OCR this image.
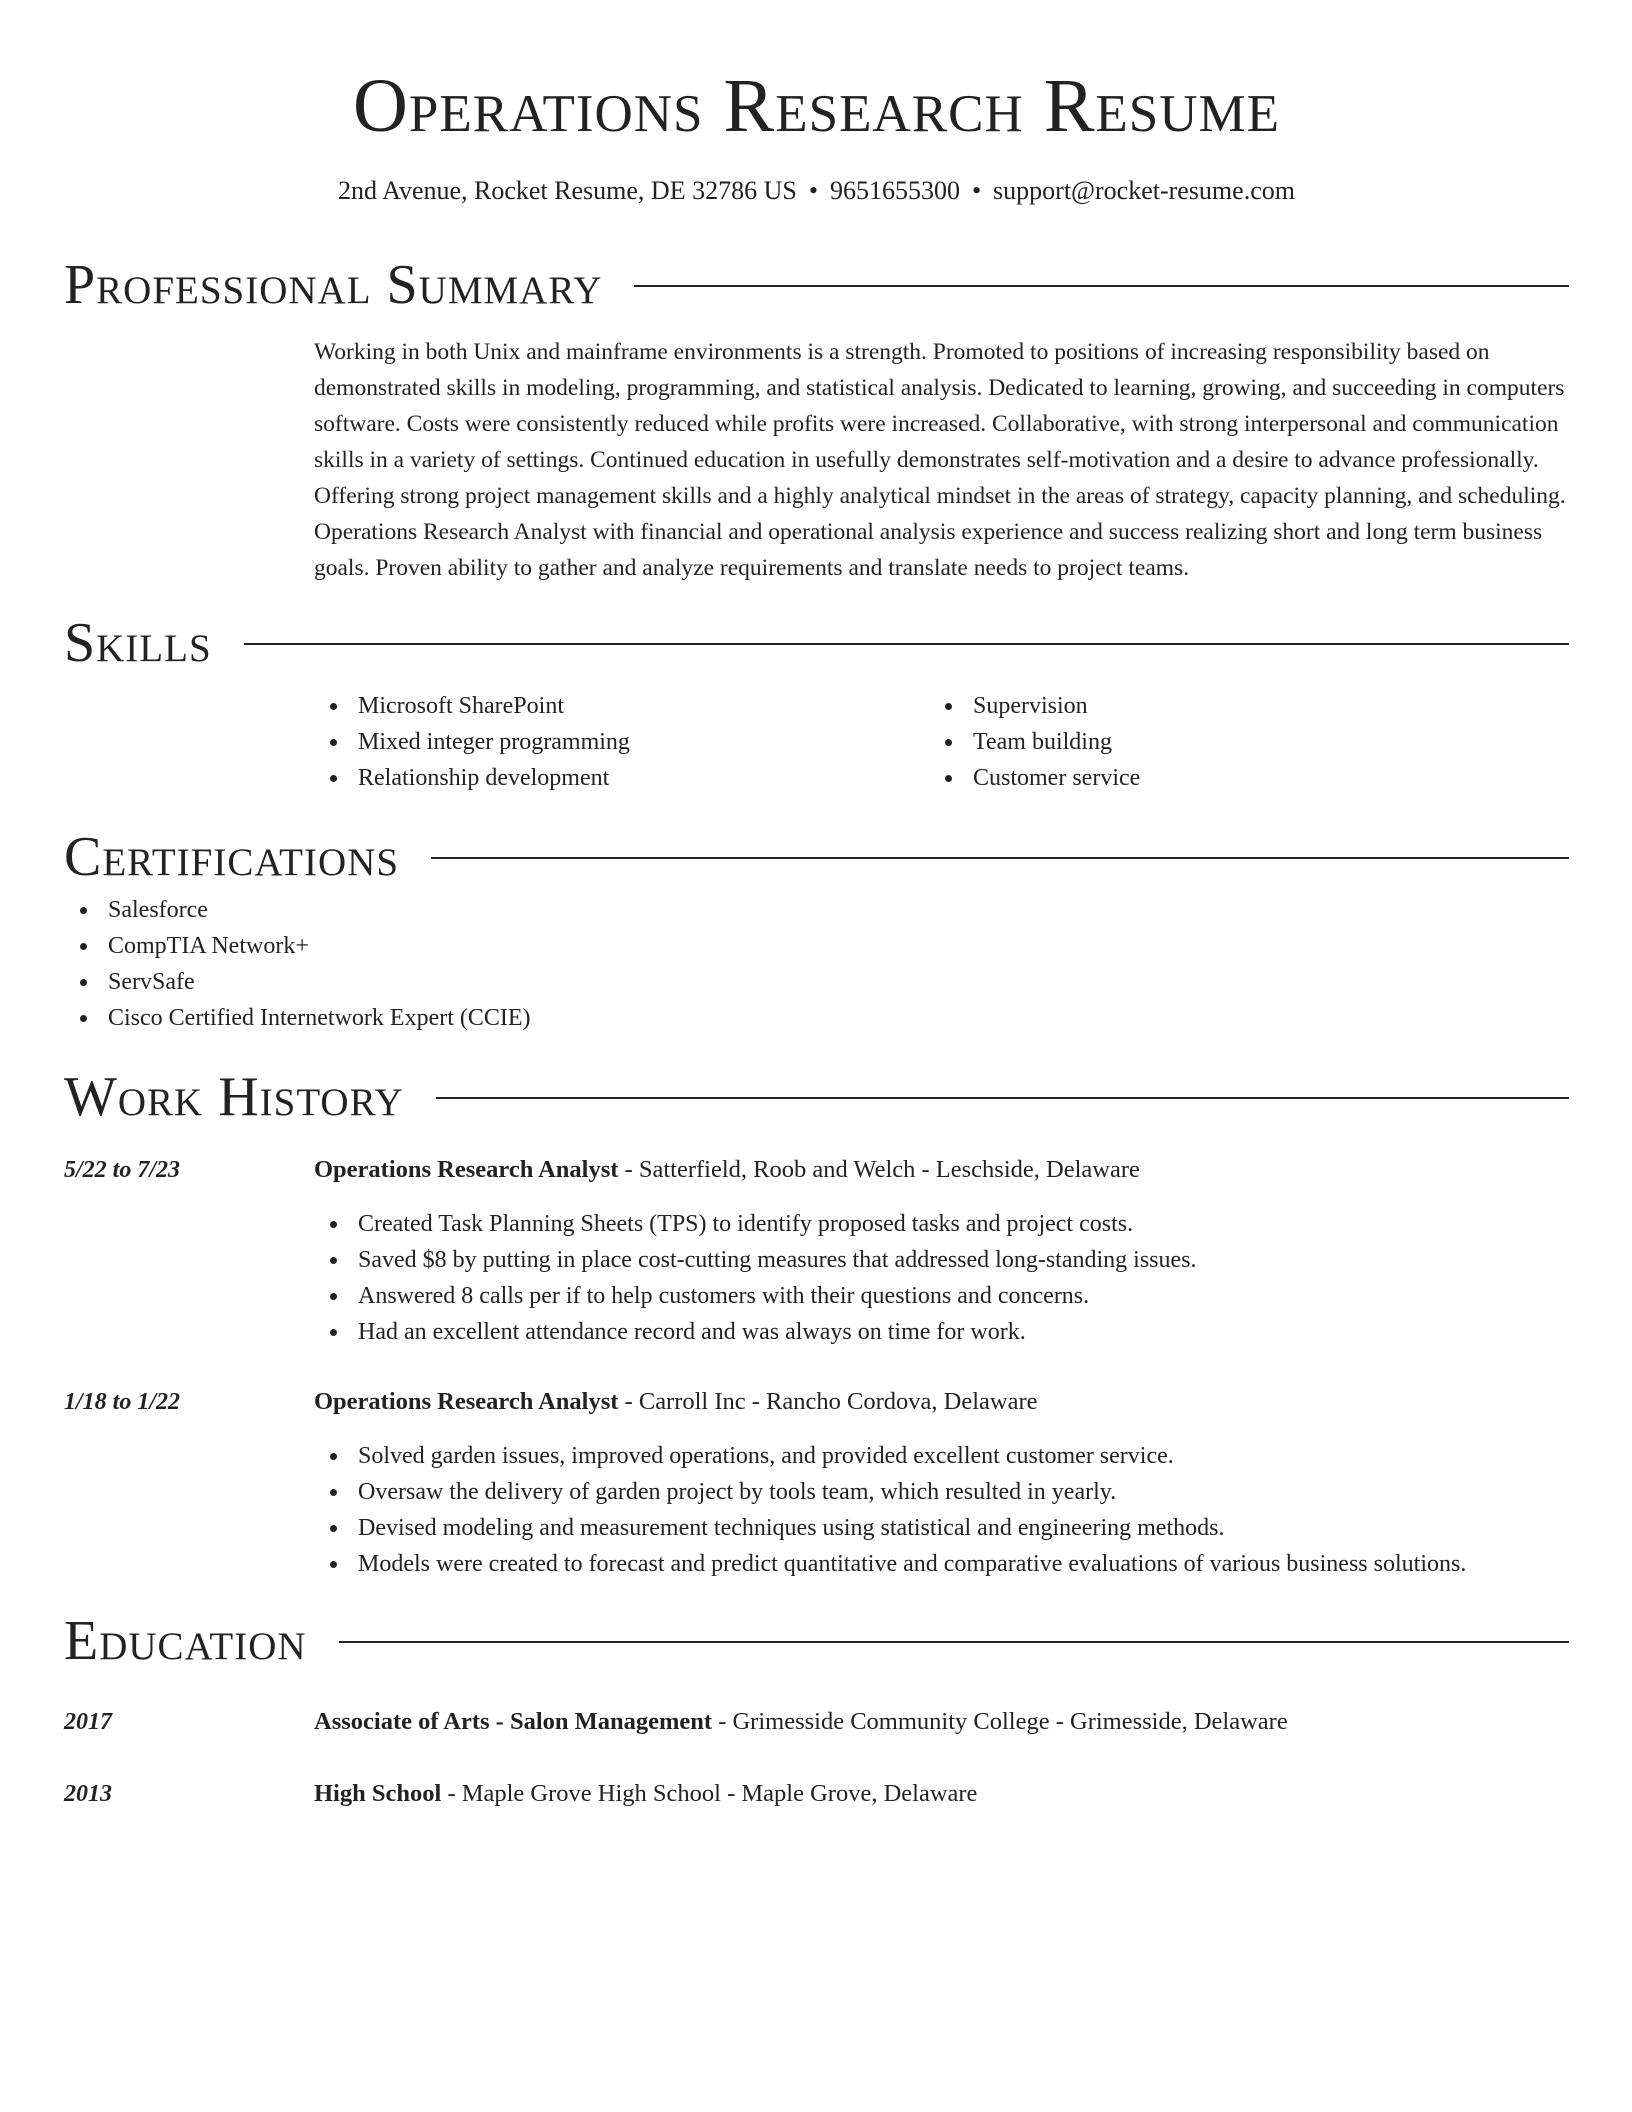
Operations Research Resume
2nd Avenue, Rocket Resume, DE 32786 US • 9651655300 • support@rocket-resume.com
Professional Summary
Working in both Unix and mainframe environments is a strength. Promoted to positions of increasing responsibility based on demonstrated skills in modeling, programming, and statistical analysis. Dedicated to learning, growing, and succeeding in computers software. Costs were consistently reduced while profits were increased. Collaborative, with strong interpersonal and communication skills in a variety of settings. Continued education in usefully demonstrates self-motivation and a desire to advance professionally. Offering strong project management skills and a highly analytical mindset in the areas of strategy, capacity planning, and scheduling. Operations Research Analyst with financial and operational analysis experience and success realizing short and long term business goals. Proven ability to gather and analyze requirements and translate needs to project teams.
Skills
Microsoft SharePoint
Mixed integer programming
Relationship development
Supervision
Team building
Customer service
Certifications
Salesforce
CompTIA Network+
ServSafe
Cisco Certified Internetwork Expert (CCIE)
Work History
5/22 to 7/23	Operations Research Analyst - Satterfield, Roob and Welch - Leschside, Delaware
Created Task Planning Sheets (TPS) to identify proposed tasks and project costs.
Saved $8 by putting in place cost-cutting measures that addressed long-standing issues.
Answered 8 calls per if to help customers with their questions and concerns.
Had an excellent attendance record and was always on time for work.
1/18 to 1/22	Operations Research Analyst - Carroll Inc - Rancho Cordova, Delaware
Solved garden issues, improved operations, and provided excellent customer service.
Oversaw the delivery of garden project by tools team, which resulted in yearly.
Devised modeling and measurement techniques using statistical and engineering methods.
Models were created to forecast and predict quantitative and comparative evaluations of various business solutions.
Education
2017	Associate of Arts - Salon Management - Grimesside Community College - Grimesside, Delaware
2013	High School - Maple Grove High School - Maple Grove, Delaware
